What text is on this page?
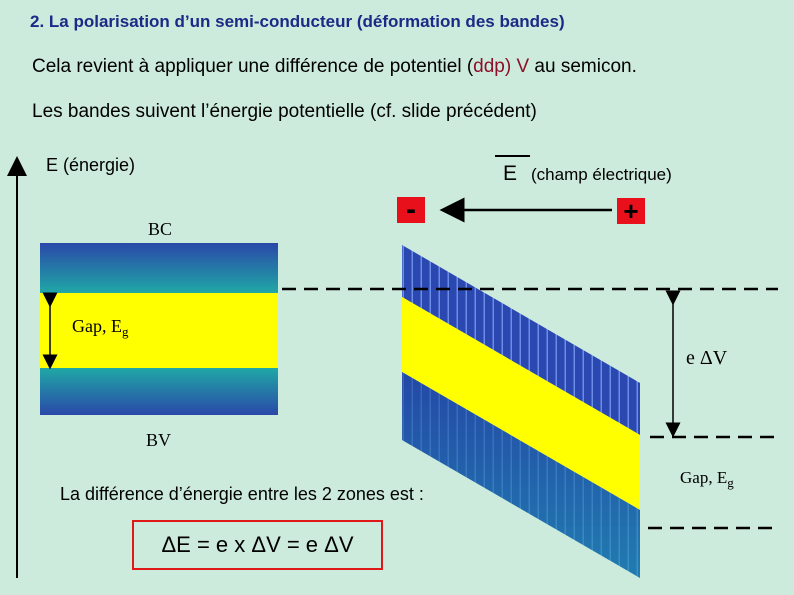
2. La polarisation d’un semi-conducteur (déformation des bandes)
Cela revient à appliquer une différence de potentiel (ddp) V au semicon.
Les bandes suivent l’énergie potentielle (cf. slide précédent)
E (énergie)	E (champ électrique)
-	+
BC
Gap, $E_g$
e ΔV
BV
Gap, $E_g$
La différence d’énergie entre les 2 zones est :
ΔE = e x ΔV = e ΔV
